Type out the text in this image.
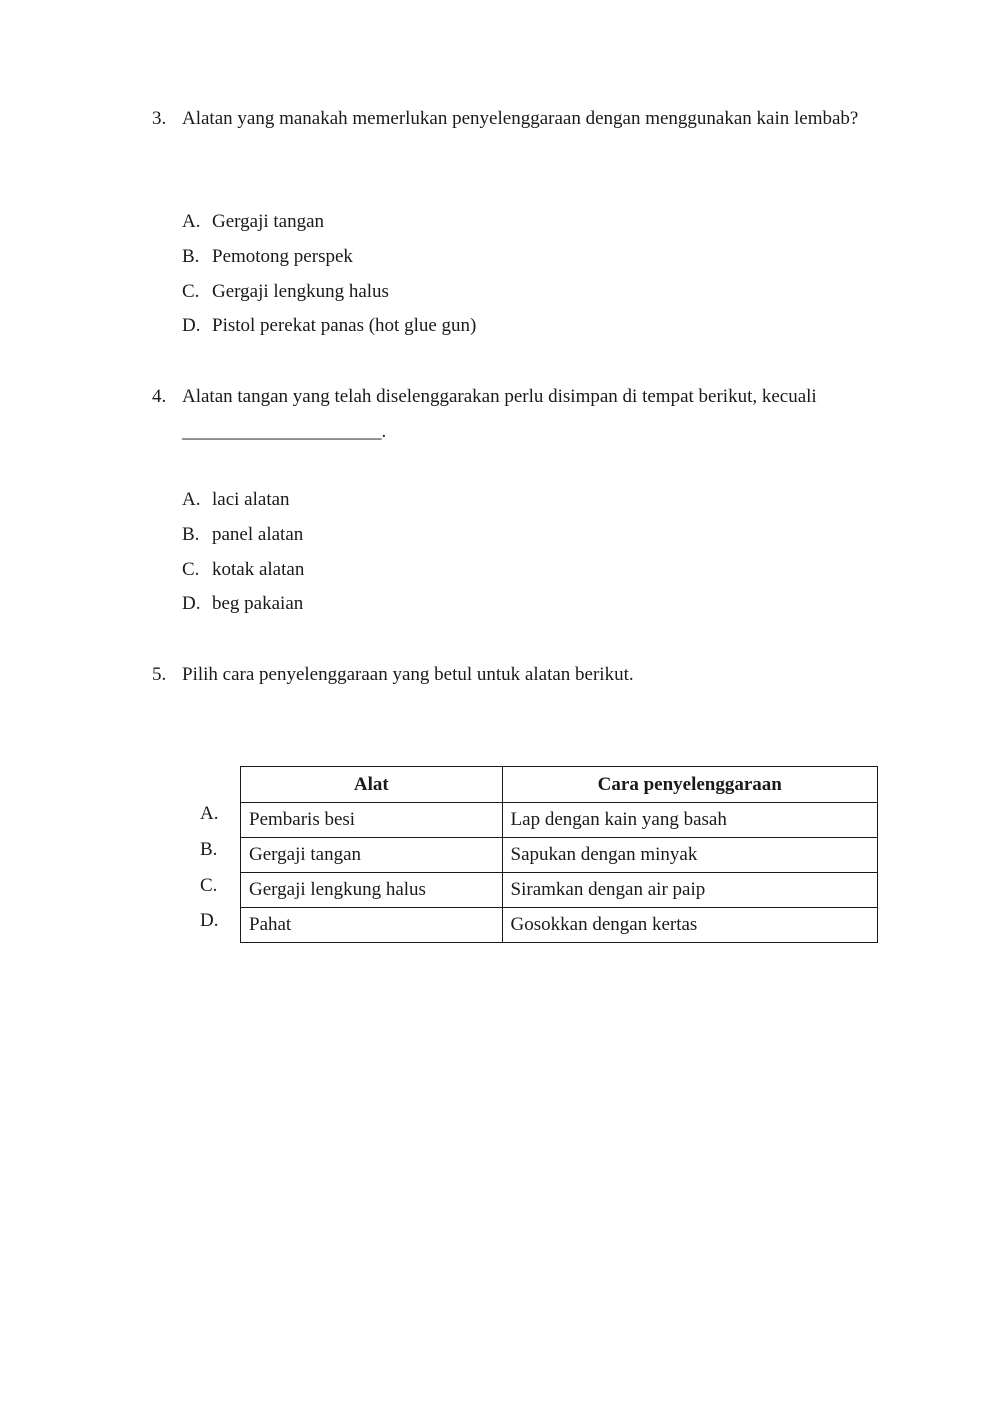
3. Alatan yang manakah memerlukan penyelenggaraan dengan menggunakan kain lembab?
A. Gergaji tangan
B. Pemotong perspek
C. Gergaji lengkung halus
D. Pistol perekat panas (hot glue gun)
4. Alatan tangan yang telah diselenggarakan perlu disimpan di tempat berikut, kecuali
_____________________.
A. laci alatan
B. panel alatan
C. kotak alatan
D. beg pakaian
5. Pilih cara penyelenggaraan yang betul untuk alatan berikut.
A.
B.
C.
D.
Alat	Cara penyelenggaraan
Pembaris besi	Lap dengan kain yang basah
Gergaji tangan	Sapukan dengan minyak
Gergaji lengkung halus	Siramkan dengan air paip
Pahat	Gosokkan dengan kertas
